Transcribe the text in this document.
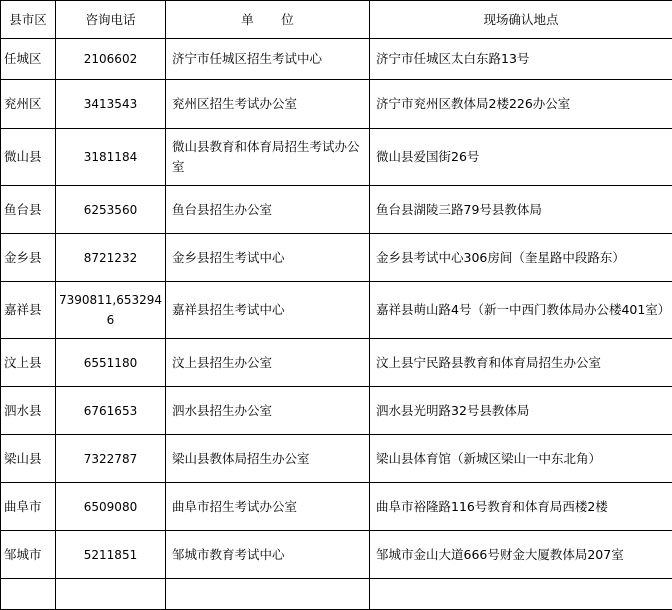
县市区	咨询电话	单位	现场确认地点
任城区	2106602	济宁市任城区招生考试中心	济宁市任城区太白东路13号
兖州区	3413543	兖州区招生考试办公室	济宁市兖州区教体局2楼226办公室
微山县	3181184	微山县教育和体育局招生考试办公室	微山县爱国街26号
鱼台县	6253560	鱼台县招生办公室	鱼台县湖陵三路79号县教体局
金乡县	8721232	金乡县招生考试中心	金乡县考试中心306房间（奎星路中段路东）
嘉祥县	7390811,6532946	嘉祥县招生考试中心	嘉祥县萌山路4号（新一中西门教体局办公楼401室）
汶上县	6551180	汶上县招生办公室	汶上县宁民路县教育和体育局招生办公室
泗水县	6761653	泗水县招生办公室	泗水县光明路32号县教体局
梁山县	7322787	梁山县教体局招生办公室	梁山县体育馆（新城区梁山一中东北角）
曲阜市	6509080	曲阜市招生考试办公室	曲阜市裕隆路116号教育和体育局西楼2楼
邹城市	5211851	邹城市教育考试中心	邹城市金山大道666号财金大厦教体局207室
